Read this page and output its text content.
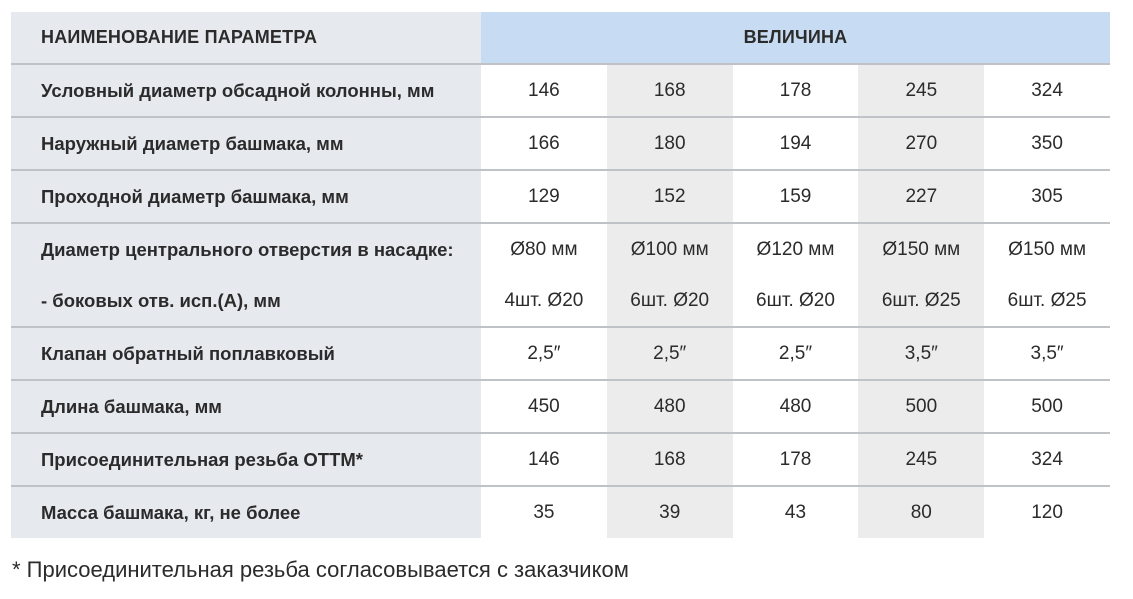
НАИМЕНОВАНИЕ ПАРАМЕТРА	ВЕЛИЧИНА				
Условный диаметр обсадной колонны, мм	146	168	178	245	324
Наружный диаметр башмака, мм	166	180	194	270	350
Проходной диаметр башмака, мм	129	152	159	227	305
Диаметр центрального отверстия в насадке:	Ø80 мм	Ø100 мм	Ø120 мм	Ø150 мм	Ø150 мм
- боковых отв. исп.(А), мм	4шт. Ø20	6шт. Ø20	6шт. Ø20	6шт. Ø25	6шт. Ø25
Клапан обратный поплавковый	2,5″	2,5″	2,5″	3,5″	3,5″
Длина башмака, мм	450	480	480	500	500
Присоединительная резьба ОТТМ*	146	168	178	245	324
Масса башмака, кг, не более	35	39	43	80	120
* Присоединительная резьба согласовывается с заказчиком
